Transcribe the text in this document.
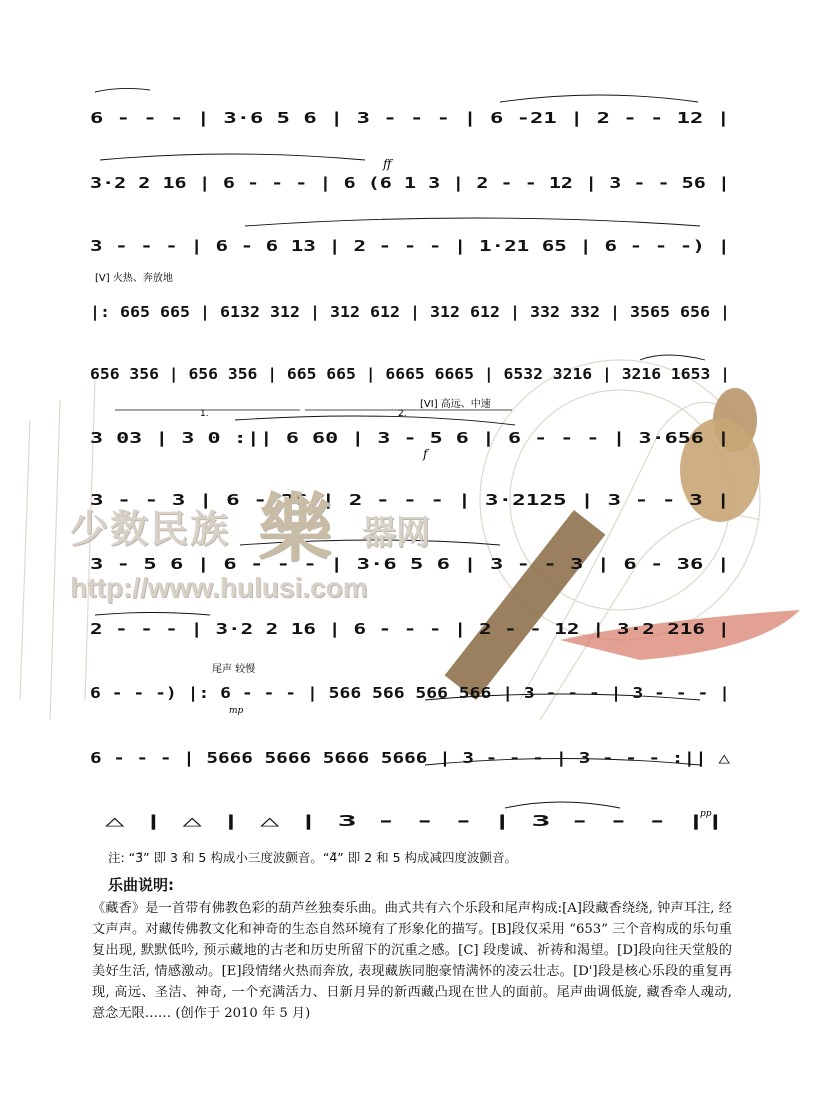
6 - - - | 3·6 5 6 | 3 - - - | 6 -21 | 2 - - 12 |
3·2 2 16 | 6 - - - | 6 (6 1 3 | 2 - - 12 | 3 - - 56 |
3 - - - | 6 - 6 13 | 2 - - - | 1·21 65 | 6 - - -) |
|: 665 665 | 6132 312 | 312 612 | 312 612 | 332 332 | 3565 656 |
656 356 | 656 356 | 665 665 | 6665 6665 | 6532 3216 | 3216 1653 |
3 03 | 3 0 :|| 6 60 | 3 - 5 6 | 6 - - - | 3·656 |
3 - - 3 | 6 - 36 | 2 - - - | 3·2125 | 3 - - 3 |
3 - 5 6 | 6 - - - | 3·6 5 6 | 3 - - 3 | 6 - 36 |
2 - - - | 3·2 2 16 | 6 - - - | 2 - - 12 | 3·2 216 |
6 - - -) |: 6 - - - | 566 566 566 566 | 3 - - - | 3 - - - |
6 - - - | 5666 5666 5666 5666 | 3 - - - | 3 - - - :|| △
△ | △ | △ | 3 - - - | 3 - - - ||
1.	2.
ff
f
mp
pp
[V] 火热、奔放地
[VI] 高远、中速
尾声 较慢
少数民族 樂 器网
http://www.hulusi.com
注: “3̃” 即 3 和 5 构成小三度波颤音。“4̃” 即 2 和 5 构成减四度波颤音。
乐曲说明:

《藏香》是一首带有佛教色彩的葫芦丝独奏乐曲。曲式共有六个乐段和尾声构成:[A]段藏香绕绕, 钟声耳注, 经文声声。对藏传佛教文化和神奇的生态自然环境有了形象化的描写。[B]段仅采用 “653” 三个音构成的乐句重复出现, 默默低吟, 预示藏地的古老和历史所留下的沉重之感。[C] 段虔诚、祈祷和渴望。[D]段向往天堂般的美好生活, 情感激动。[E]段情绪火热而奔放, 表现藏族同胞豪情满怀的凌云壮志。[D']段是核心乐段的重复再现, 高远、圣洁、神奇, 一个充满活力、日新月异的新西藏凸现在世人的面前。尾声曲调低旋, 藏香牵人魂动, 意念无限…… (创作于 2010 年 5 月)
